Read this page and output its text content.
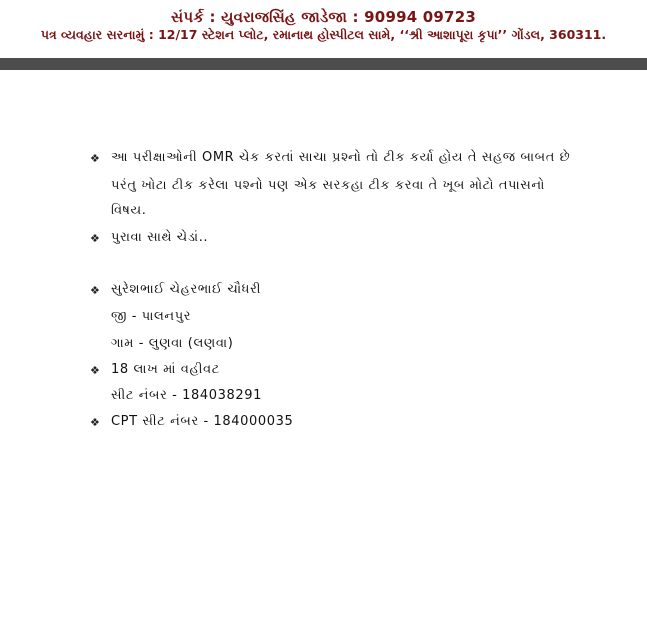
સંપર્ક : યુવરાજસિંહ જાડેજા : 90994 09723
પત્ર વ્યવહાર સરનામું : 12/17 સ્ટેશન પ્લોટ, રમાનાથ હોસ્પીટલ સામે, ‘‘શ્રી આશાપૂરા કૃપા’’ ગોંડલ, 360311.
❖ આ પરીક્ષાઓની OMR ચેક કરતાં સાચા પ્રશ્નો તો ટીક કર્યા હોય તે સહજ બાબત છે
પરંતુ ખોટા ટીક કરેલા પશ્નો પણ એક સરકહા ટીક કરવા તે ખૂબ મોટો તપાસનો
વિષય.
❖ પુરાવા સાથે ચેડાં..
❖ સુરેશભાઈ ચેહરભાઈ ચૌધરી
જી - પાલનપુર
ગામ - લુણવા (લણવા)
❖ 18 લાખ માં વહીવટ
સીટ નંબર - 184038291
❖ CPT સીટ નંબર - 184000035
